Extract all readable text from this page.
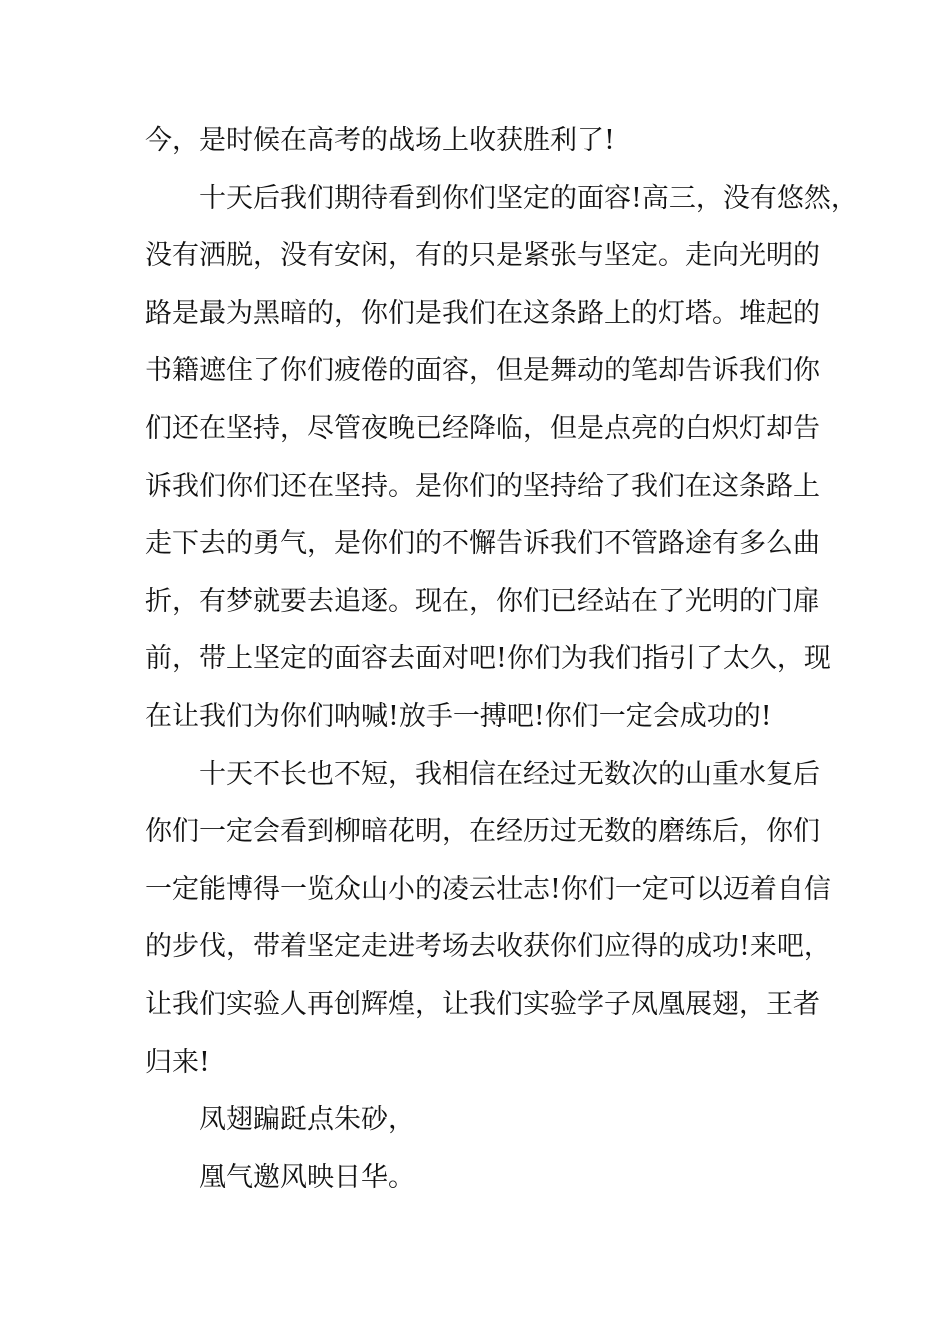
今，是时候在高考的战场上收获胜利了!

十天后我们期待看到你们坚定的面容!高三，没有悠然，
没有洒脱，没有安闲，有的只是紧张与坚定。走向光明的
路是最为黑暗的，你们是我们在这条路上的灯塔。堆起的
书籍遮住了你们疲倦的面容，但是舞动的笔却告诉我们你
们还在坚持，尽管夜晚已经降临，但是点亮的白炽灯却告
诉我们你们还在坚持。是你们的坚持给了我们在这条路上
走下去的勇气，是你们的不懈告诉我们不管路途有多么曲
折，有梦就要去追逐。现在，你们已经站在了光明的门扉
前，带上坚定的面容去面对吧!你们为我们指引了太久，现
在让我们为你们呐喊!放手一搏吧!你们一定会成功的!

十天不长也不短，我相信在经过无数次的山重水复后
你们一定会看到柳暗花明，在经历过无数的磨练后，你们
一定能博得一览众山小的凌云壮志!你们一定可以迈着自信
的步伐，带着坚定走进考场去收获你们应得的成功!来吧，
让我们实验人再创辉煌，让我们实验学子凤凰展翅，王者
归来!

凤翅蹁跹点朱砂，

凰气邀风映日华。
